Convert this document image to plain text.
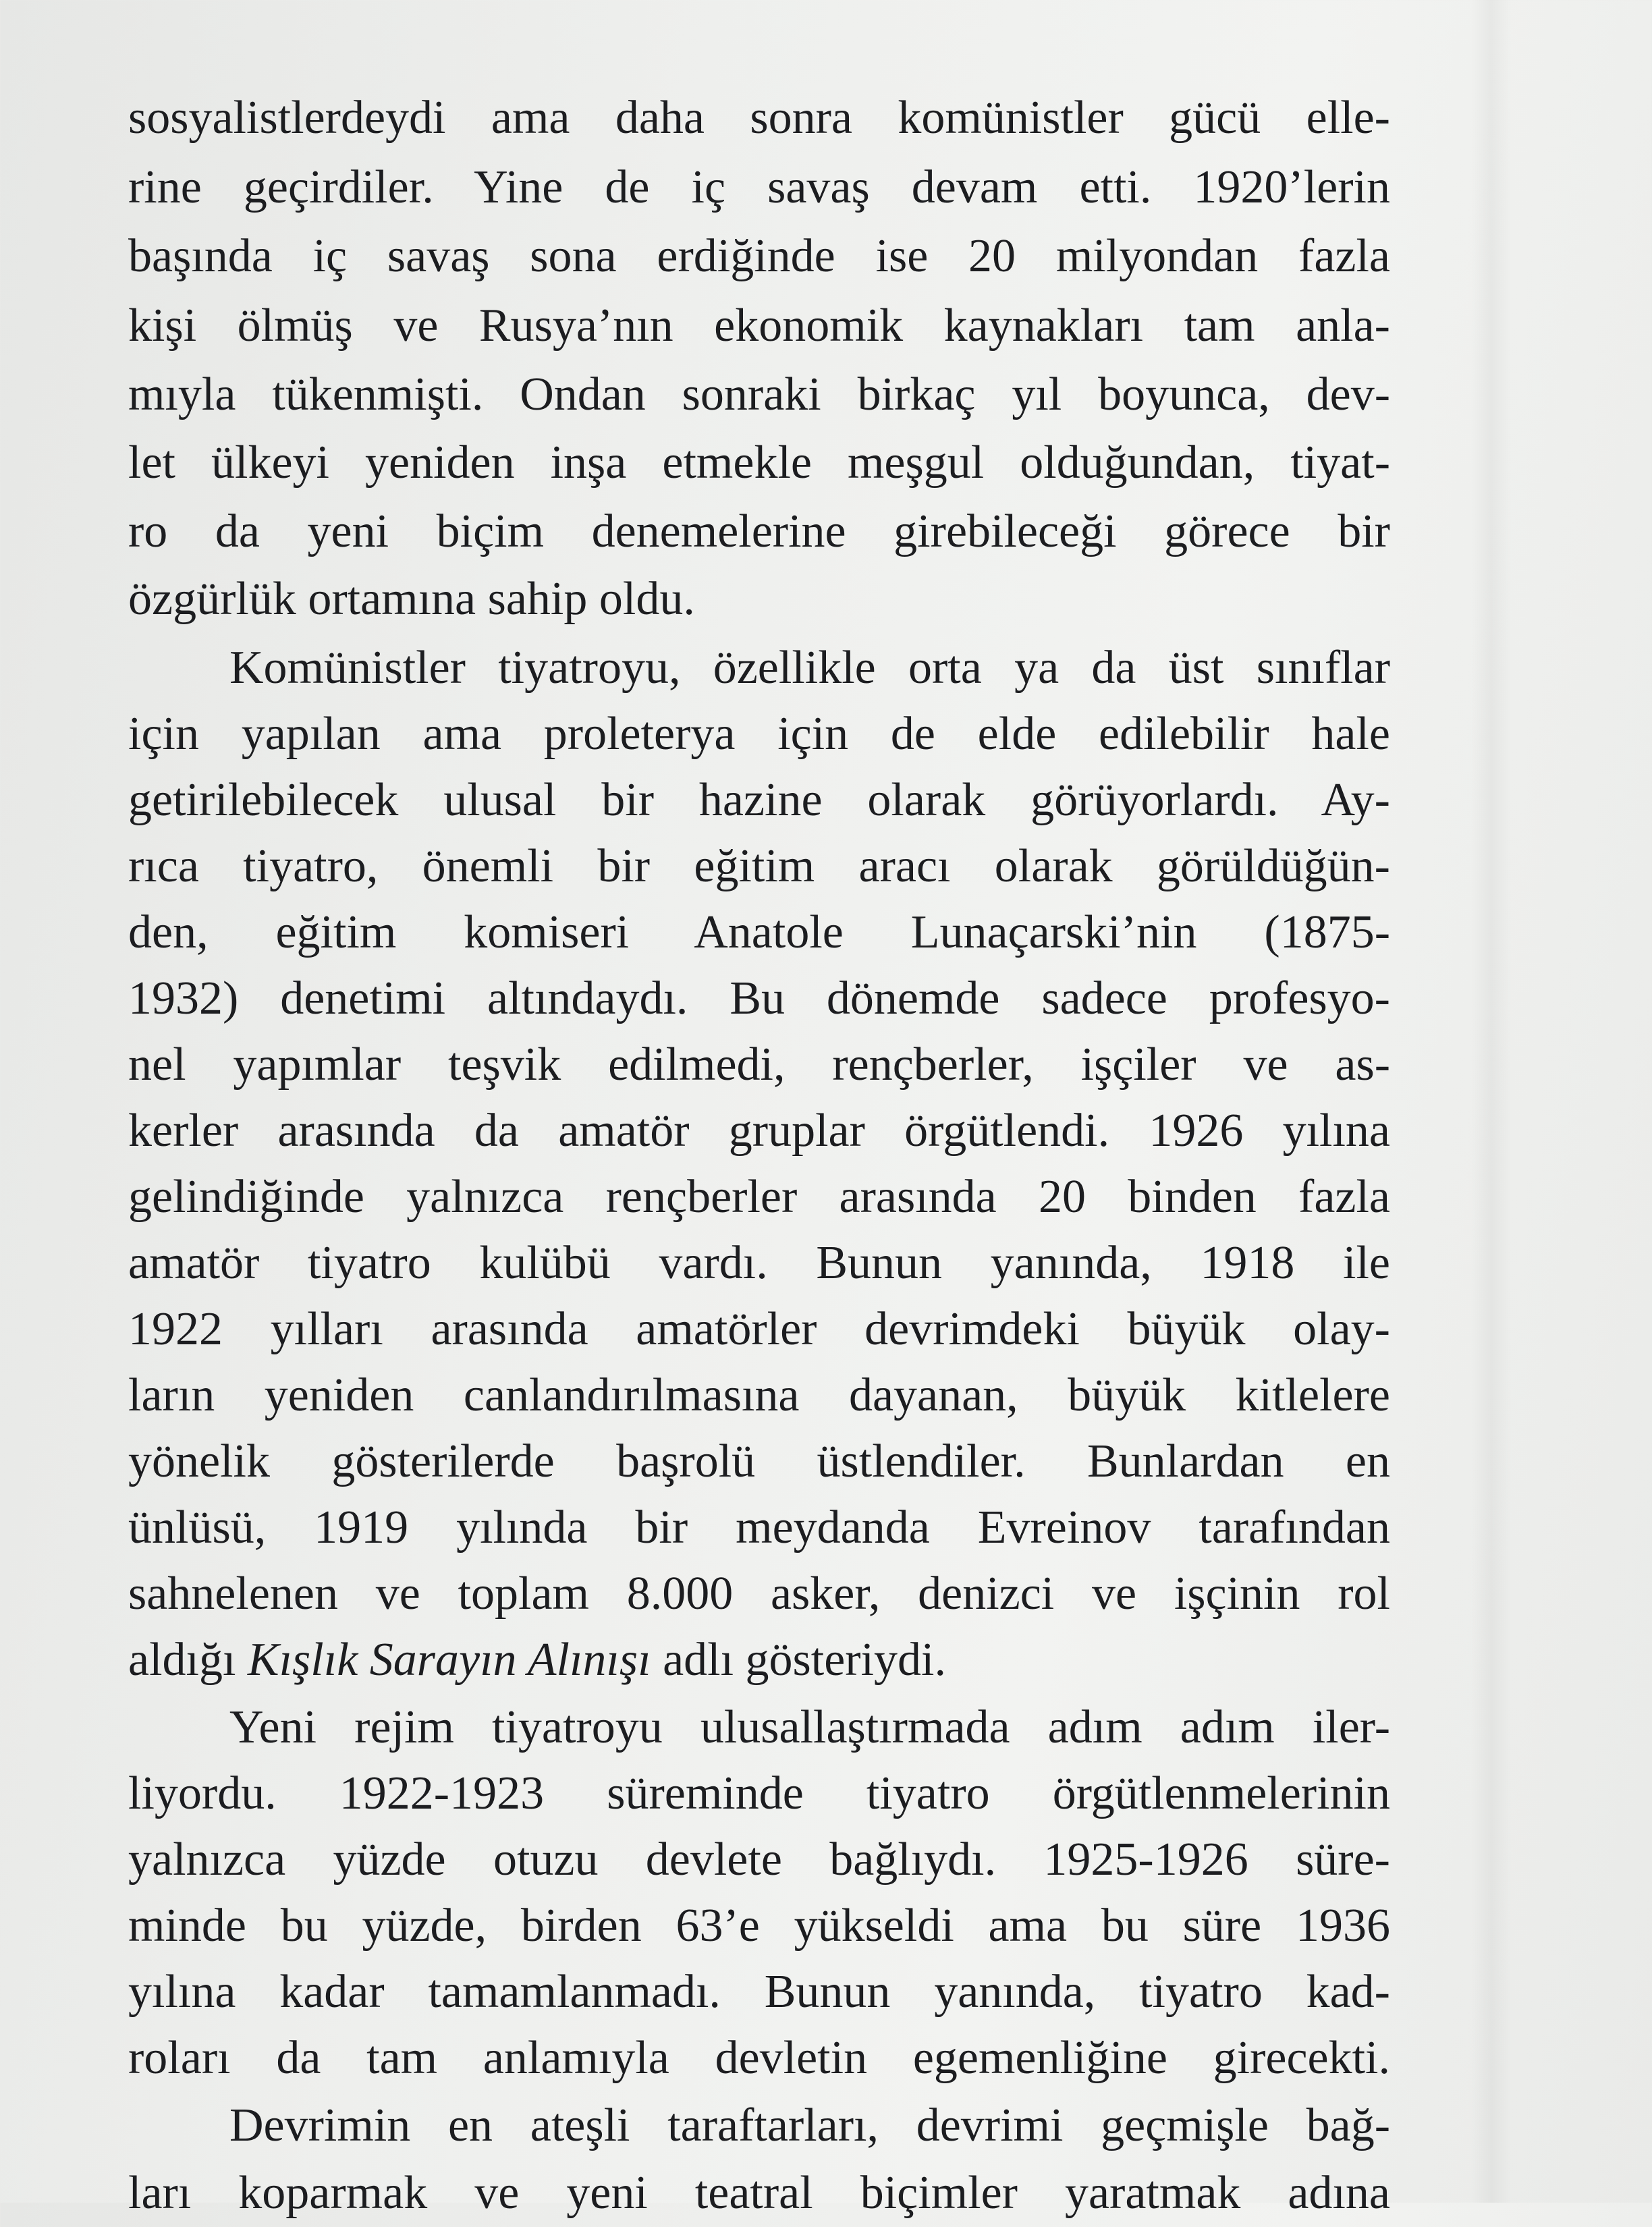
sosyalistlerdeydi ama daha sonra komünistler gücü elle-
rine geçirdiler. Yine de iç savaş devam etti. 1920’lerin
başında iç savaş sona erdiğinde ise 20 milyondan fazla
kişi ölmüş ve Rusya’nın ekonomik kaynakları tam anla-
mıyla tükenmişti. Ondan sonraki birkaç yıl boyunca, dev-
let ülkeyi yeniden inşa etmekle meşgul olduğundan, tiyat-
ro da yeni biçim denemelerine girebileceği görece bir
özgürlük ortamına sahip oldu.
Komünistler tiyatroyu, özellikle orta ya da üst sınıflar
için yapılan ama proleterya için de elde edilebilir hale
getirilebilecek ulusal bir hazine olarak görüyorlardı. Ay-
rıca tiyatro, önemli bir eğitim aracı olarak görüldüğün-
den, eğitim komiseri Anatole Lunaçarski’nin (1875-
1932) denetimi altındaydı. Bu dönemde sadece profesyo-
nel yapımlar teşvik edilmedi, rençberler, işçiler ve as-
kerler arasında da amatör gruplar örgütlendi. 1926 yılına
gelindiğinde yalnızca rençberler arasında 20 binden fazla
amatör tiyatro kulübü vardı. Bunun yanında, 1918 ile
1922 yılları arasında amatörler devrimdeki büyük olay-
ların yeniden canlandırılmasına dayanan, büyük kitlelere
yönelik gösterilerde başrolü üstlendiler. Bunlardan en
ünlüsü, 1919 yılında bir meydanda Evreinov tarafından
sahnelenen ve toplam 8.000 asker, denizci ve işçinin rol
aldığı Kışlık Sarayın Alınışı adlı gösteriydi.
Yeni rejim tiyatroyu ulusallaştırmada adım adım iler-
liyordu. 1922-1923 süreminde tiyatro örgütlenmelerinin
yalnızca yüzde otuzu devlete bağlıydı. 1925-1926 süre-
minde bu yüzde, birden 63’e yükseldi ama bu süre 1936
yılına kadar tamamlanmadı. Bunun yanında, tiyatro kad-
roları da tam anlamıyla devletin egemenliğine girecekti.
Devrimin en ateşli taraftarları, devrimi geçmişle bağ-
ları koparmak ve yeni teatral biçimler yaratmak adına
